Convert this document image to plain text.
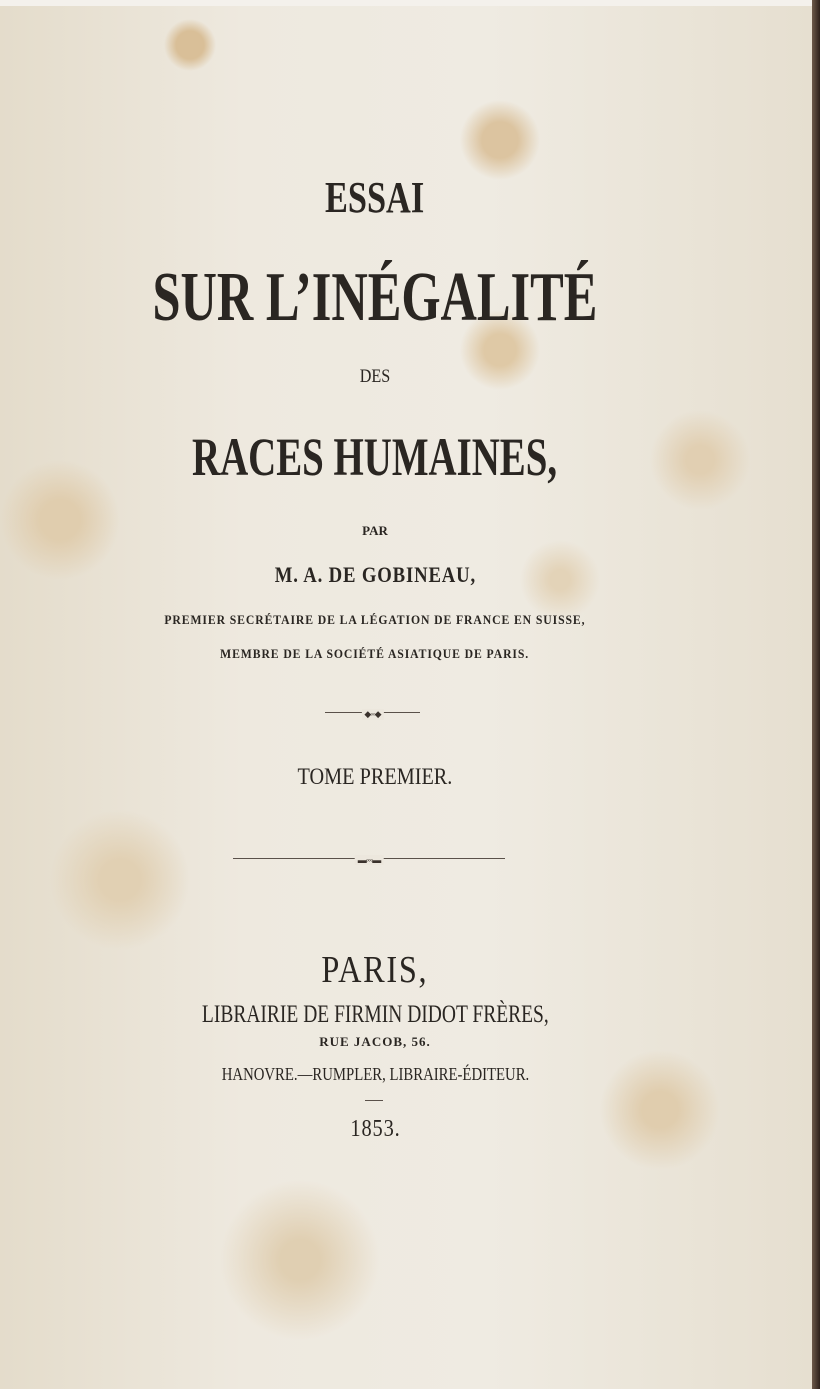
ESSAI
SUR L’INÉGALITÉ
DES
RACES HUMAINES,
PAR
M. A. DE GOBINEAU,
PREMIER SECRÉTAIRE DE LA LÉGATION DE FRANCE EN SUISSE,
MEMBRE DE LA SOCIÉTÉ ASIATIQUE DE PARIS.
◆◦◦◆
TOME PREMIER.
▬◦◦◦▬
PARIS,
LIBRAIRIE DE FIRMIN DIDOT FRÈRES,
RUE JACOB, 56.
HANOVRE.—RUMPLER, LIBRAIRE-ÉDITEUR.
1853.
